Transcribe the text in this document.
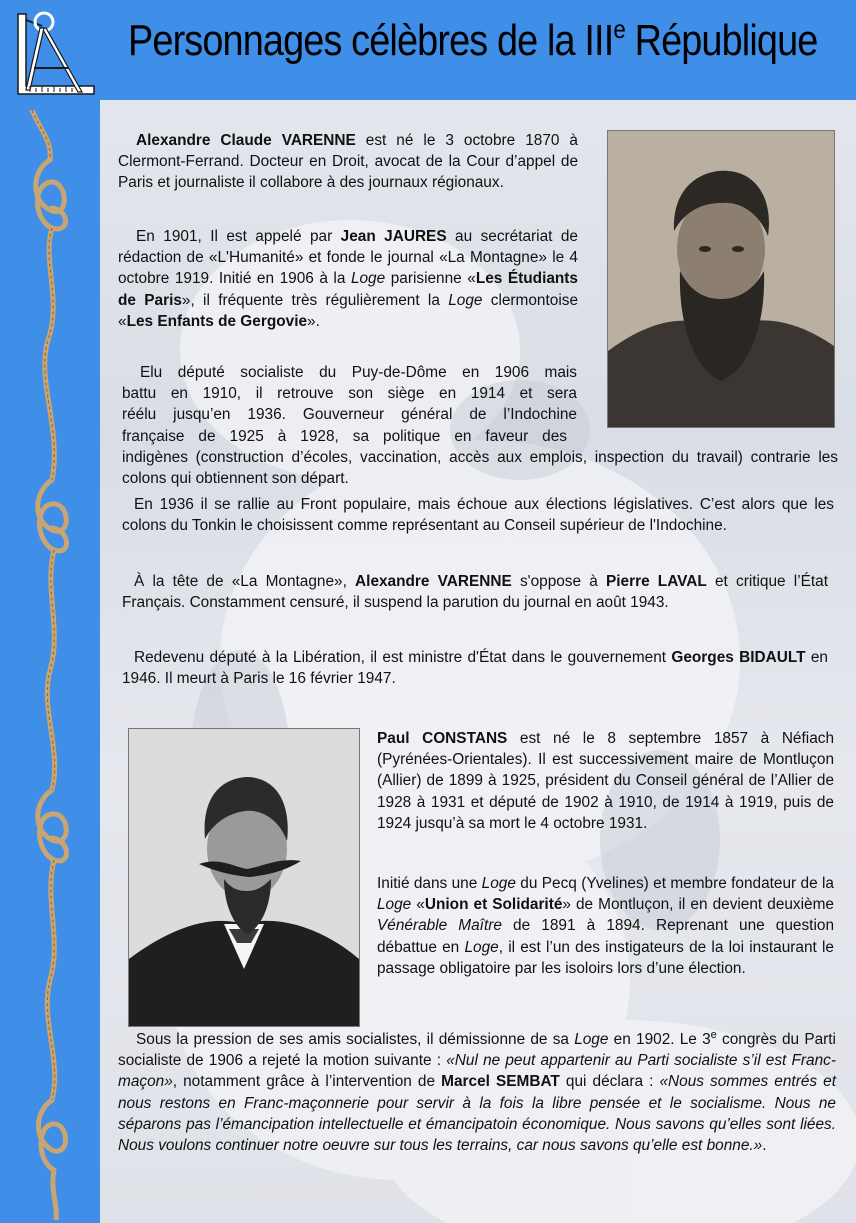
Personnages célèbres de la IIIe République

Alexandre Claude VARENNE est né le 3 octobre 1870 à Clermont-Ferrand. Docteur en Droit, avocat de la Cour d’appel de Paris et journaliste il collabore à des journaux régionaux.

En 1901, Il est appelé par Jean JAURES au secrétariat de rédaction de «L'Humanité» et fonde le journal «La Montagne» le 4 octobre 1919. Initié en 1906 à la Loge parisienne «Les Étudiants de Paris», il fréquente très régulièrement la Loge clermontoise «Les Enfants de Gergovie».

Elu député socialiste du Puy-de-Dôme en 1906 mais
battu en 1910, il retrouve son siège en 1914 et sera
réélu jusqu’en 1936. Gouverneur général de l’Indochine
française de 1925 à 1928, sa politique en faveur des
indigènes (construction d’écoles, vaccination, accès aux emplois, inspection du travail) contrarie les colons qui obtiennent son départ.

En 1936 il se rallie au Front populaire, mais échoue aux élections législatives. C’est alors que les colons du Tonkin le choisissent comme représentant au Conseil supérieur de l'Indochine.

À la tête de «La Montagne», Alexandre VARENNE s'oppose à Pierre LAVAL et critique l’État Français. Constamment censuré, il suspend la parution du journal en août 1943.

Redevenu député à la Libération, il est ministre d'État dans le gouvernement Georges BIDAULT en 1946. Il meurt à Paris le 16 février 1947.

Paul CONSTANS est né le 8 septembre 1857 à Néfiach (Pyrénées-Orientales). Il est successivement maire de Montluçon (Allier) de 1899 à 1925, président du Conseil général de l’Allier de 1928 à 1931 et député de 1902 à 1910, de 1914 à 1919, puis de 1924 jusqu’à sa mort le 4 octobre 1931.

Initié dans une Loge du Pecq (Yvelines) et membre fondateur de la Loge «Union et Solidarité» de Montluçon, il en devient deuxième Vénérable Maître de 1891 à 1894. Reprenant une question débattue en Loge, il est l’un des instigateurs de la loi instaurant le passage obligatoire par les isoloirs lors d’une élection.

Sous la pression de ses amis socialistes, il démissionne de sa Loge en 1902. Le 3e congrès du Parti socialiste de 1906 a rejeté la motion suivante : «Nul ne peut appartenir au Parti socialiste s’il est Franc-maçon», notamment grâce à l’intervention de Marcel SEMBAT qui déclara : «Nous sommes entrés et nous restons en Franc-maçonnerie pour servir à la fois la libre pensée et le socialisme. Nous ne séparons pas l’émancipation intellectuelle et émancipatoin économique. Nous savons qu’elles sont liées. Nous voulons continuer notre oeuvre sur tous les terrains, car nous savons qu’elle est bonne.».
